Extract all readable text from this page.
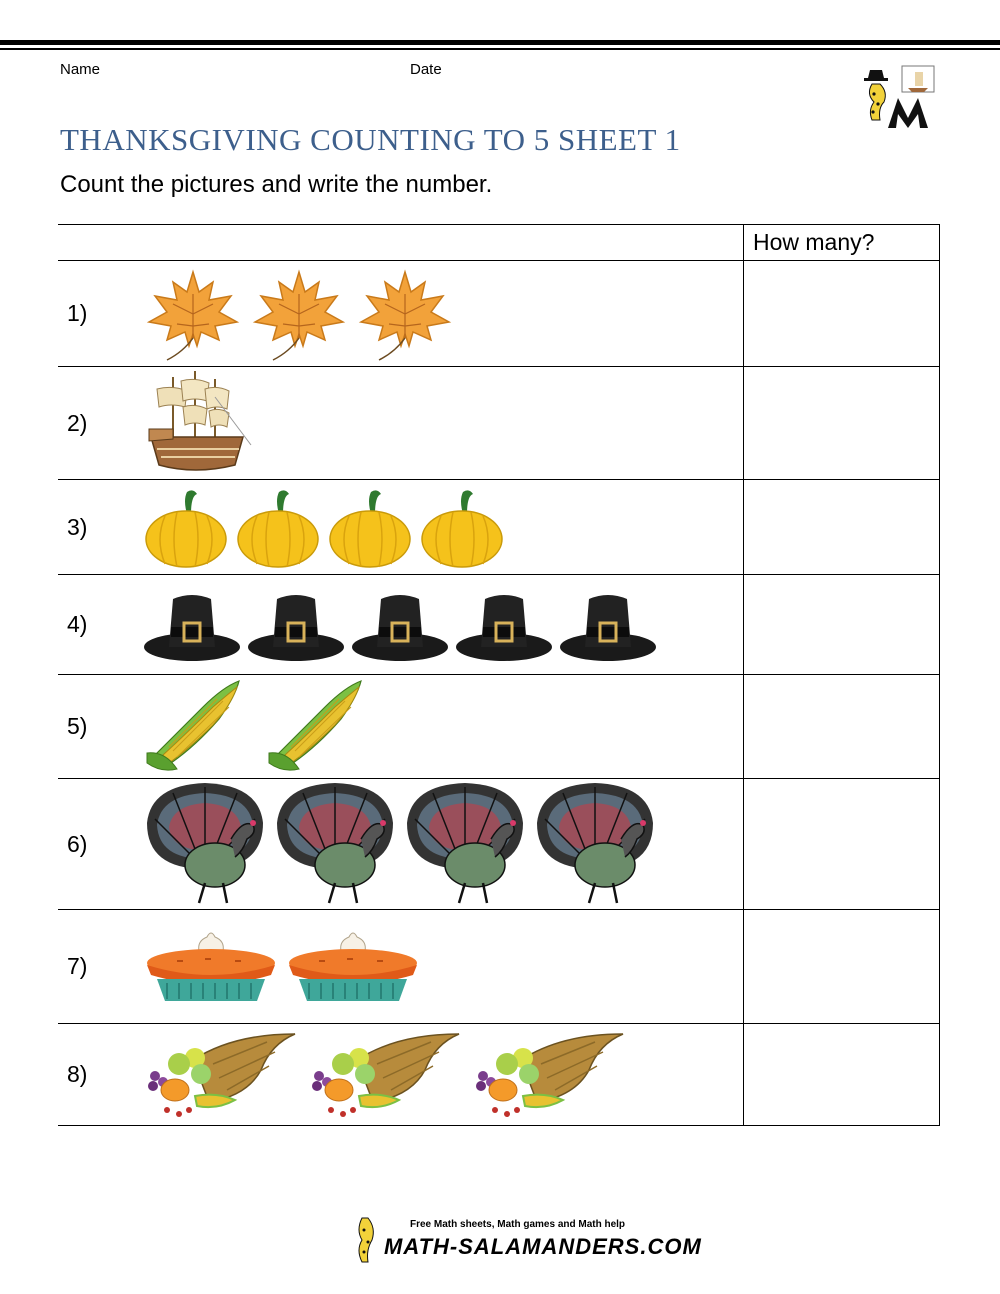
Name	Date
THANKSGIVING COUNTING TO 5 SHEET 1

Count the pictures and write the number.

	How many?
1)

2)

3)

4)

5)

6)

7)

8)

Free Math sheets, Math games and Math help
MATH-SALAMANDERS.COM
